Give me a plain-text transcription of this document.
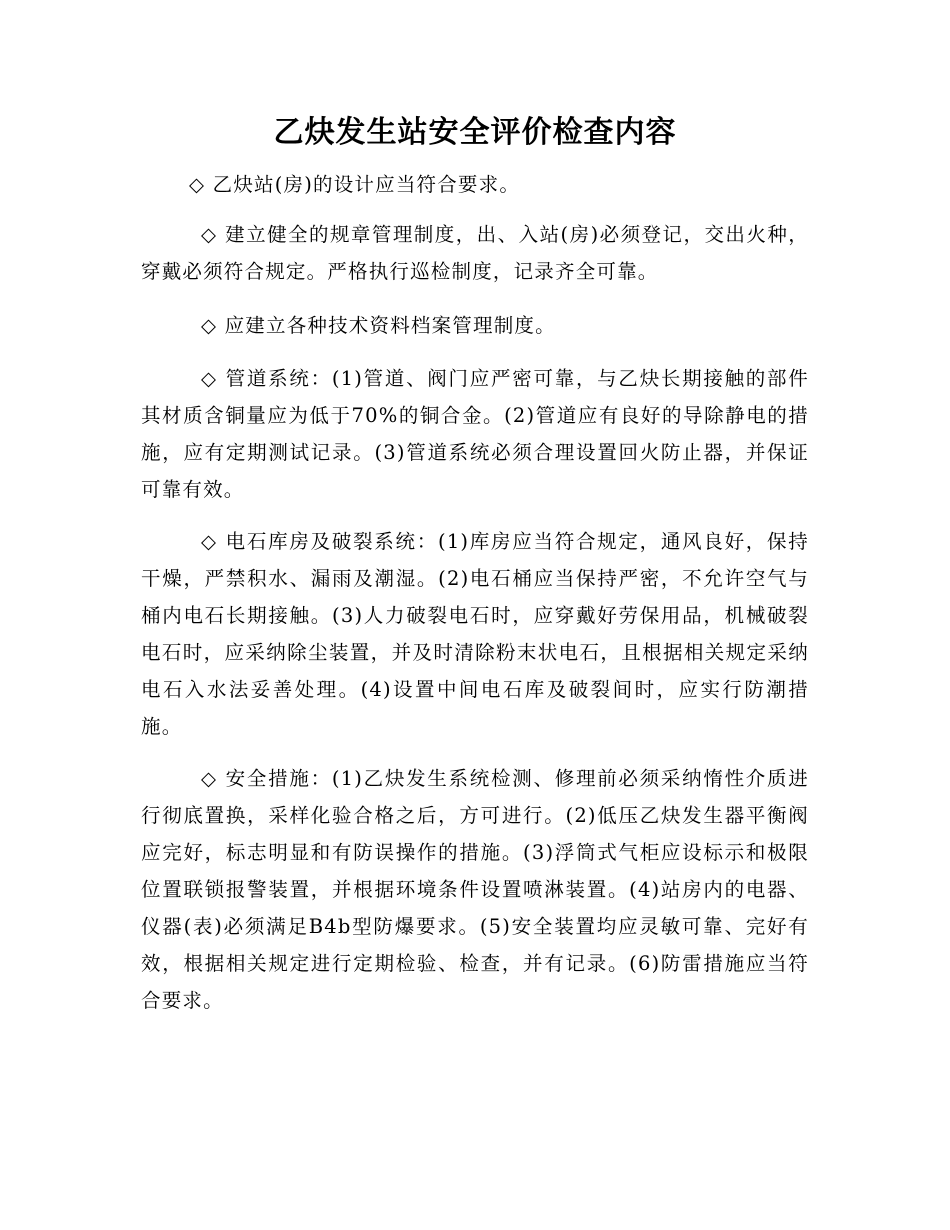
乙炔发生站安全评价检查内容

◇ 乙炔站(房)的设计应当符合要求。

◇ 建立健全的规章管理制度，出、入站(房)必须登记，交出火种，穿戴必须符合规定。严格执行巡检制度，记录齐全可靠。

◇ 应建立各种技术资料档案管理制度。

◇ 管道系统：(1)管道、阀门应严密可靠，与乙炔长期接触的部件其材质含铜量应为低于70%的铜合金。(2)管道应有良好的导除静电的措施，应有定期测试记录。(3)管道系统必须合理设置回火防止器，并保证可靠有效。

◇ 电石库房及破裂系统：(1)库房应当符合规定，通风良好，保持干燥，严禁积水、漏雨及潮湿。(2)电石桶应当保持严密，不允许空气与桶内电石长期接触。(3)人力破裂电石时，应穿戴好劳保用品，机械破裂电石时，应采纳除尘装置，并及时清除粉末状电石，且根据相关规定采纳电石入水法妥善处理。(4)设置中间电石库及破裂间时，应实行防潮措施。

◇ 安全措施：(1)乙炔发生系统检测、修理前必须采纳惰性介质进行彻底置换，采样化验合格之后，方可进行。(2)低压乙炔发生器平衡阀应完好，标志明显和有防误操作的措施。(3)浮筒式气柜应设标示和极限位置联锁报警装置，并根据环境条件设置喷淋装置。(4)站房内的电器、仪器(表)必须满足B4b型防爆要求。(5)安全装置均应灵敏可靠、完好有效，根据相关规定进行定期检验、检查，并有记录。(6)防雷措施应当符合要求。
